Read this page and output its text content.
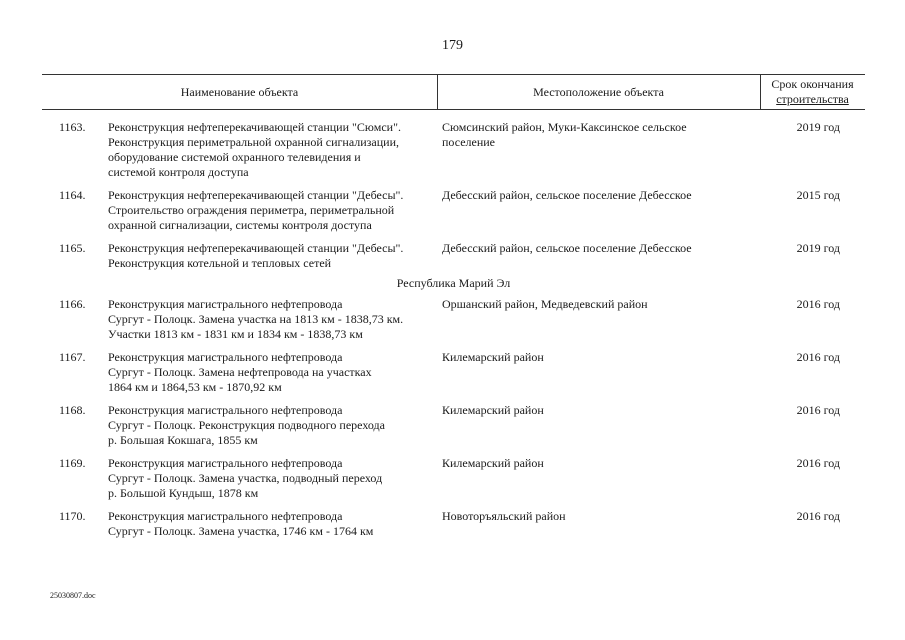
179
Наименование объекта	Местоположение объекта
Срок окончания
строительства
1163.	Реконструкция нефтеперекачивающей станции "Сюмси".
Реконструкция периметральной охранной сигнализации,
оборудование системой охранного телевидения и
системой контроля доступа
Сюмсинский район, Муки-Каксинское сельское
поселение
2019 год
1164.	Реконструкция нефтеперекачивающей станции "Дебесы".
Строительство ограждения периметра, периметральной
охранной сигнализации, системы контроля доступа
Дебесский район, сельское поселение Дебесское	2015 год
1165.	Реконструкция нефтеперекачивающей станции "Дебесы".
Реконструкция котельной и тепловых сетей
Дебесский район, сельское поселение Дебесское	2019 год
Республика Марий Эл
1166.	Реконструкция магистрального нефтепровода
Сургут - Полоцк. Замена участка на 1813 км - 1838,73 км.
Участки 1813 км - 1831 км и 1834 км - 1838,73 км
Оршанский район, Медведевский район	2016 год
1167.	Реконструкция магистрального нефтепровода
Сургут - Полоцк. Замена нефтепровода на участках
1864 км и 1864,53 км - 1870,92 км
Килемарский район	2016 год
1168.	Реконструкция магистрального нефтепровода
Сургут - Полоцк. Реконструкция подводного перехода
р. Большая Кокшага, 1855 км
Килемарский район	2016 год
1169.	Реконструкция магистрального нефтепровода
Сургут - Полоцк. Замена участка, подводный переход
р. Большой Кундыш, 1878 км
Килемарский район	2016 год
1170.	Реконструкция магистрального нефтепровода
Сургут - Полоцк. Замена участка, 1746 км - 1764 км
Новоторъяльский район	2016 год
25030807.doc
